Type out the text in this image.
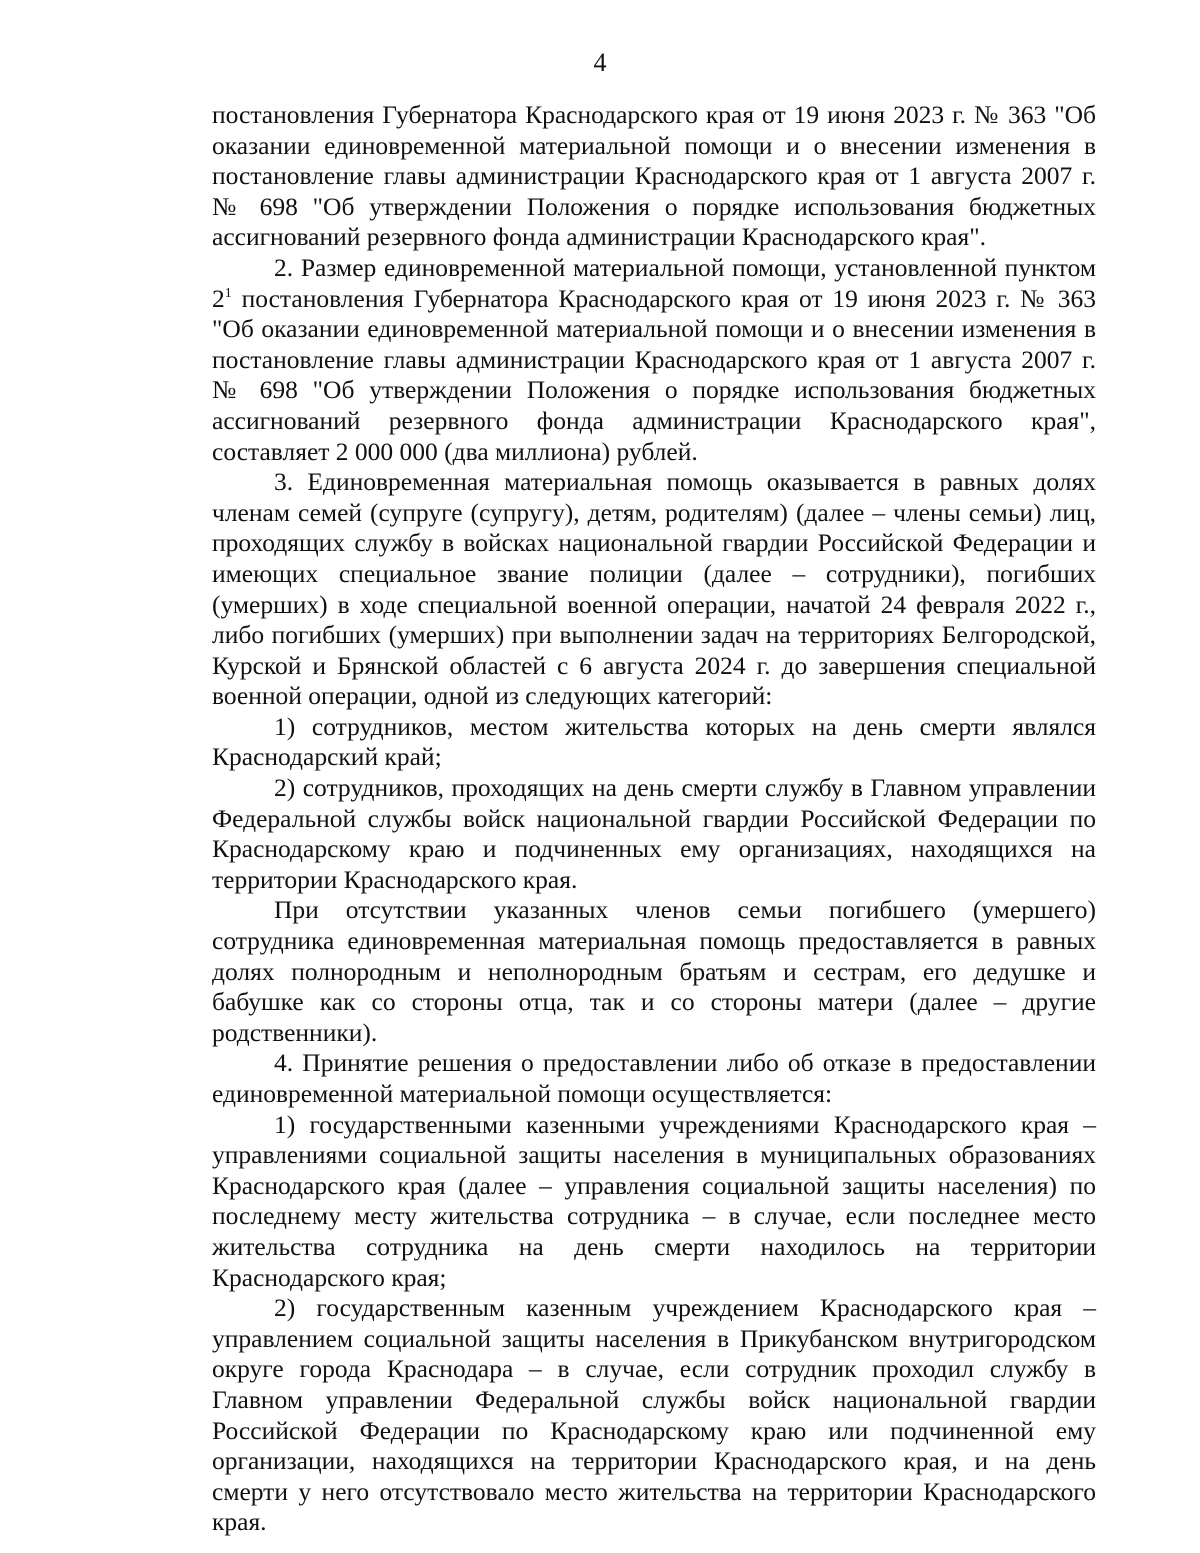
4

постановления Губернатора Краснодарского края от 19 июня 2023 г. № 363 "Об оказании единовременной материальной помощи и о внесении изменения в постановление главы администрации Краснодарского края от 1 августа 2007 г. № 698 "Об утверждении Положения о порядке использования бюджетных ассигнований резервного фонда администрации Краснодарского края".

2. Размер единовременной материальной помощи, установленной пунктом $2^1$ постановления Губернатора Краснодарского края от 19 июня 2023 г. № 363 "Об оказании единовременной материальной помощи и о внесении изменения в постановление главы администрации Краснодарского края от 1 августа 2007 г. № 698 "Об утверждении Положения о порядке использования бюджетных ассигнований резервного фонда администрации Краснодарского края", составляет 2 000 000 (два миллиона) рублей.

3. Единовременная материальная помощь оказывается в равных долях членам семей (супруге (супругу), детям, родителям) (далее – члены семьи) лиц, проходящих службу в войсках национальной гвардии Российской Федерации и имеющих специальное звание полиции (далее – сотрудники), погибших (умерших) в ходе специальной военной операции, начатой 24 февраля 2022 г., либо погибших (умерших) при выполнении задач на территориях Белгородской, Курской и Брянской областей с 6 августа 2024 г. до завершения специальной военной операции, одной из следующих категорий:

1) сотрудников, местом жительства которых на день смерти являлся Краснодарский край;

2) сотрудников, проходящих на день смерти службу в Главном управлении Федеральной службы войск национальной гвардии Российской Федерации по Краснодарскому краю и подчиненных ему организациях, находящихся на территории Краснодарского края.

При отсутствии указанных членов семьи погибшего (умершего) сотрудника единовременная материальная помощь предоставляется в равных долях полнородным и неполнородным братьям и сестрам, его дедушке и бабушке как со стороны отца, так и со стороны матери (далее – другие родственники).

4. Принятие решения о предоставлении либо об отказе в предоставлении единовременной материальной помощи осуществляется:

1) государственными казенными учреждениями Краснодарского края – управлениями социальной защиты населения в муниципальных образованиях Краснодарского края (далее – управления социальной защиты населения) по последнему месту жительства сотрудника – в случае, если последнее место жительства сотрудника на день смерти находилось на территории Краснодарского края;

2) государственным казенным учреждением Краснодарского края – управлением социальной защиты населения в Прикубанском внутригородском округе города Краснодара – в случае, если сотрудник проходил службу в Главном управлении Федеральной службы войск национальной гвардии Российской Федерации по Краснодарскому краю или подчиненной ему организации, находящихся на территории Краснодарского края, и на день смерти у него отсутствовало место жительства на территории Краснодарского края.
